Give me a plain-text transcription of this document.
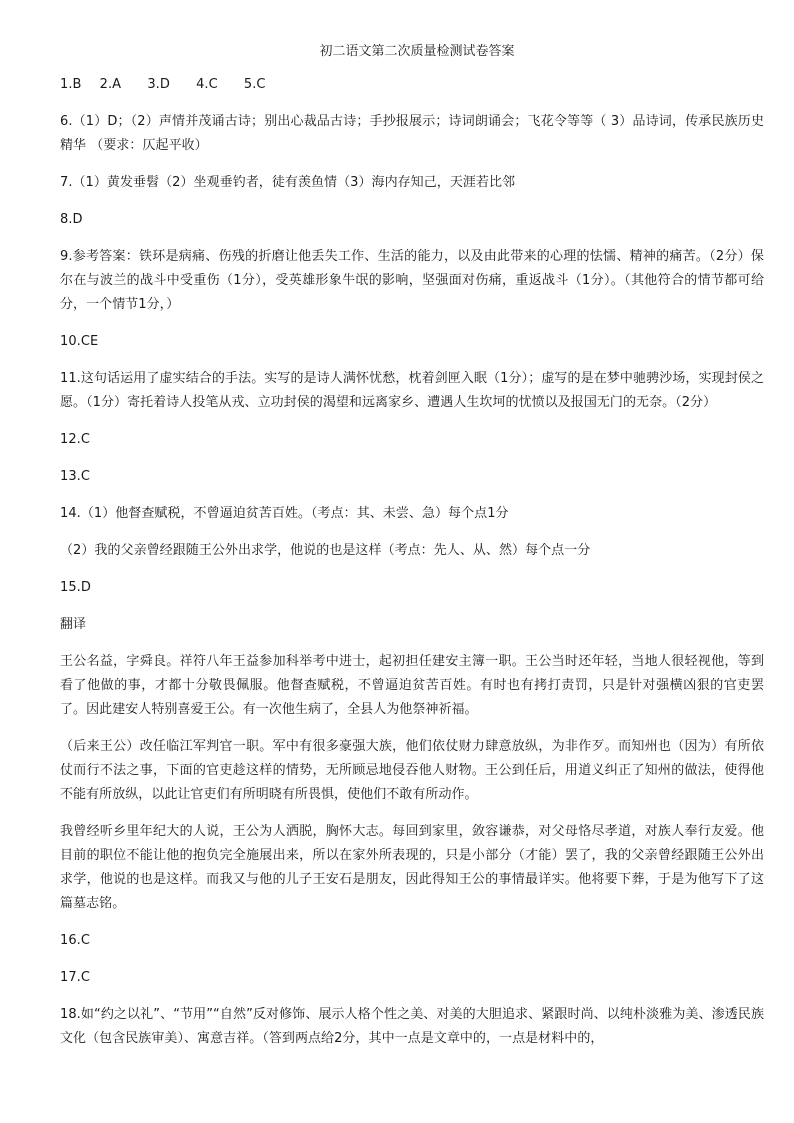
初二语文第二次质量检测试卷答案
1.B 2.A 3.D 4.C 5.C
6.（1）D；（2）声情并茂诵古诗；别出心裁品古诗；手抄报展示；诗词朗诵会；飞花令等等（ 3）品诗词，传承民族历史精华 （要求：仄起平收）
7.（1）黄发垂髫（2）坐观垂钓者，徒有羡鱼情（3）海内存知己，天涯若比邻
8.D
9.参考答案：铁环是病痛、伤残的折磨让他丢失工作、生活的能力，以及由此带来的心理的怯懦、精神的痛苦。（2分）保尔在与波兰的战斗中受重伤（1分），受英雄形象牛氓的影响，坚强面对伤痛，重返战斗（1分）。（其他符合的情节都可给分，一个情节1分，）
10.CE
11.这句话运用了虚实结合的手法。实写的是诗人满怀忧愁，枕着剑匣入眠（1分）；虚写的是在梦中驰骋沙场，实现封侯之愿。（1分）寄托着诗人投笔从戎、立功封侯的渴望和远离家乡、遭遇人生坎坷的忧愤以及报国无门的无奈。（2分）
12.C
13.C
14.（1）他督查赋税，不曾逼迫贫苦百姓。（考点：其、未尝、急）每个点1分
（2）我的父亲曾经跟随王公外出求学，他说的也是这样（考点：先人、从、然）每个点一分
15.D
翻译
王公名益，字舜良。祥符八年王益参加科举考中进士，起初担任建安主簿一职。王公当时还年轻，当地人很轻视他，等到看了他做的事，才都十分敬畏佩服。他督查赋税，不曾逼迫贫苦百姓。有时也有拷打责罚，只是针对强横凶狠的官吏罢了。因此建安人特别喜爱王公。有一次他生病了，全县人为他祭神祈福。
（后来王公）改任临江军判官一职。军中有很多豪强大族，他们依仗财力肆意放纵，为非作歹。而知州也（因为）有所依仗而行不法之事，下面的官吏趁这样的情势，无所顾忌地侵吞他人财物。王公到任后，用道义纠正了知州的做法，使得他不能有所放纵，以此让官吏们有所明晓有所畏惧，使他们不敢有所动作。
我曾经听乡里年纪大的人说，王公为人洒脱，胸怀大志。每回到家里，敛容谦恭，对父母恪尽孝道，对族人奉行友爱。他目前的职位不能让他的抱负完全施展出来，所以在家外所表现的，只是小部分（才能）罢了，我的父亲曾经跟随王公外出求学，他说的也是这样。而我又与他的儿子王安石是朋友，因此得知王公的事情最详实。他将要下葬，于是为他写下了这篇墓志铭。
16.C
17.C
18.如“约之以礼”、“节用”“自然”反对修饰、展示人格个性之美、对美的大胆追求、紧跟时尚、以纯朴淡雅为美、渗透民族文化（包含民族审美）、寓意吉祥。（答到两点给2分，其中一点是文章中的，一点是材料中的，
